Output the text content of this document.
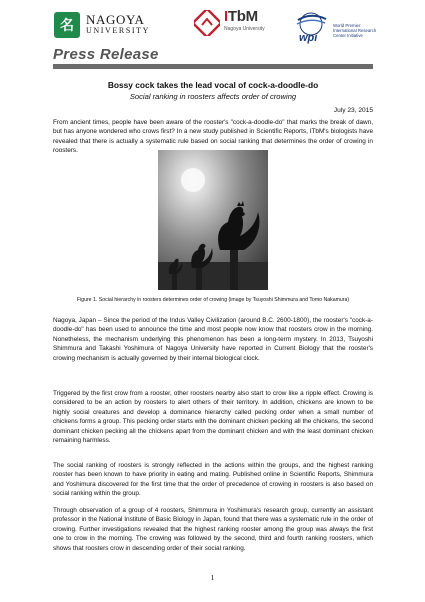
名 NAGOYA
UNIVERSITY
ITbM
Nagoya University
wpi
World Premier International Research Center Initiative
Press Release
Bossy cock takes the lead vocal of cock-a-doodle-do
Social ranking in roosters affects order of crowing
July 23, 2015

From ancient times, people have been aware of the rooster's "cock-a-doodle-do" that marks the break of dawn, but has anyone wondered who crows first? In a new study published in Scientific Reports, ITbM's biologists have revealed that there is actually a systematic rule based on social ranking that determines the order of crowing in roosters.

Figure 1. Social hierarchy in roosters determines order of crowing (image by Tsuyoshi Shimmura and Tomo Nakamura)

Nagoya, Japan – Since the period of the Indus Valley Civilization (around B.C. 2600-1800), the rooster's "cock-a-doodle-do" has been used to announce the time and most people now know that roosters crow in the morning. Nonetheless, the mechanism underlying this phenomenon has been a long-term mystery. In 2013, Tsuyoshi Shimmura and Takashi Yoshimura of Nagoya University have reported in Current Biology that the rooster's crowing mechanism is actually governed by their internal biological clock.

Triggered by the first crow from a rooster, other roosters nearby also start to crow like a ripple effect. Crowing is considered to be an action by roosters to alert others of their territory. In addition, chickens are known to be highly social creatures and develop a dominance hierarchy called pecking order when a small number of chickens forms a group. This pecking order starts with the dominant chicken pecking all the chickens, the second dominant chicken pecking all the chickens apart from the dominant chicken and with the least dominant chicken remaining harmless.

The social ranking of roosters is strongly reflected in the actions within the groups, and the highest ranking rooster has been known to have priority in eating and mating. Published online in Scientific Reports, Shimmura and Yoshimura discovered for the first time that the order of precedence of crowing in roosters is also based on social ranking within the group.

Through observation of a group of 4 roosters, Shimmura in Yoshimura's research group, currently an assistant professor in the National Institute of Basic Biology in Japan, found that there was a systematic rule in the order of crowing. Further investigations revealed that the highest ranking rooster among the group was always the first one to crow in the morning. The crowing was followed by the second, third and fourth ranking roosters, which shows that roosters crow in descending order of their social ranking.

1
